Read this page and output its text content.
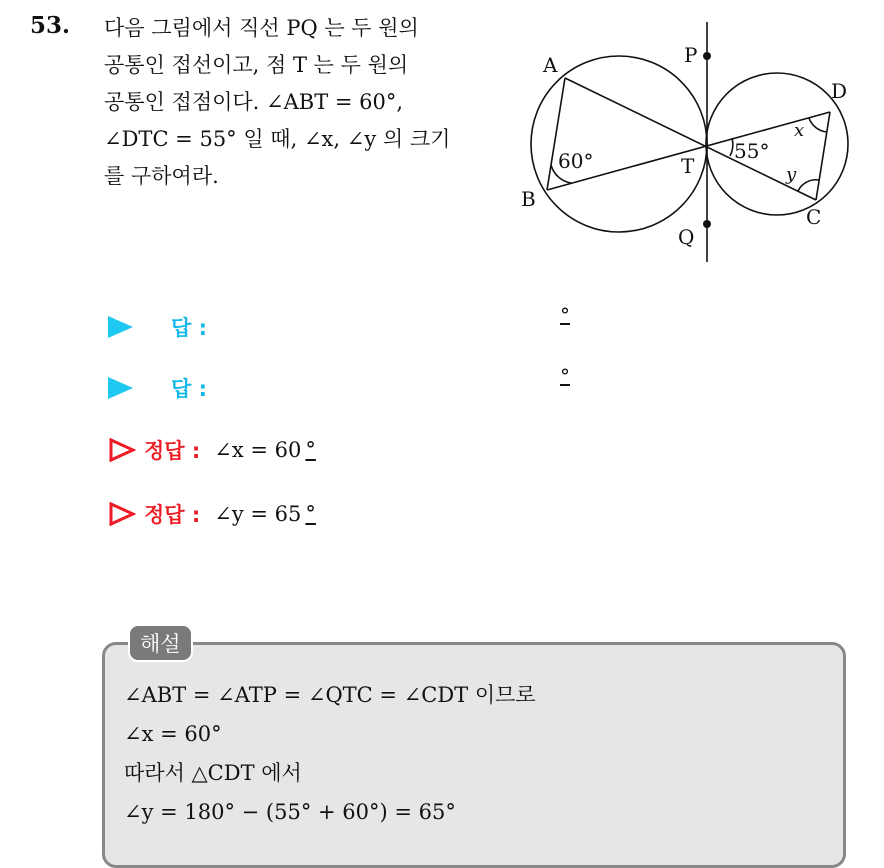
53. 다음 그림에서 직선 PQ 는 두 원의

공통인 접선이고, 점 T 는 두 원의

공통인 접점이다. ∠ABT = 60°,

∠DTC = 55° 일 때, ∠x, ∠y 의 크기

를 구하여라.

A
B
C
D
P
Q
T
60°	55°
x
y
답 :
°
답 :
°
정답 : ∠x = 60 °
정답 : ∠y = 65 °
해설

∠ABT = ∠ATP = ∠QTC = ∠CDT 이므로

∠x = 60°

따라서 △CDT 에서

∠y = 180° − (55° + 60°) = 65°
